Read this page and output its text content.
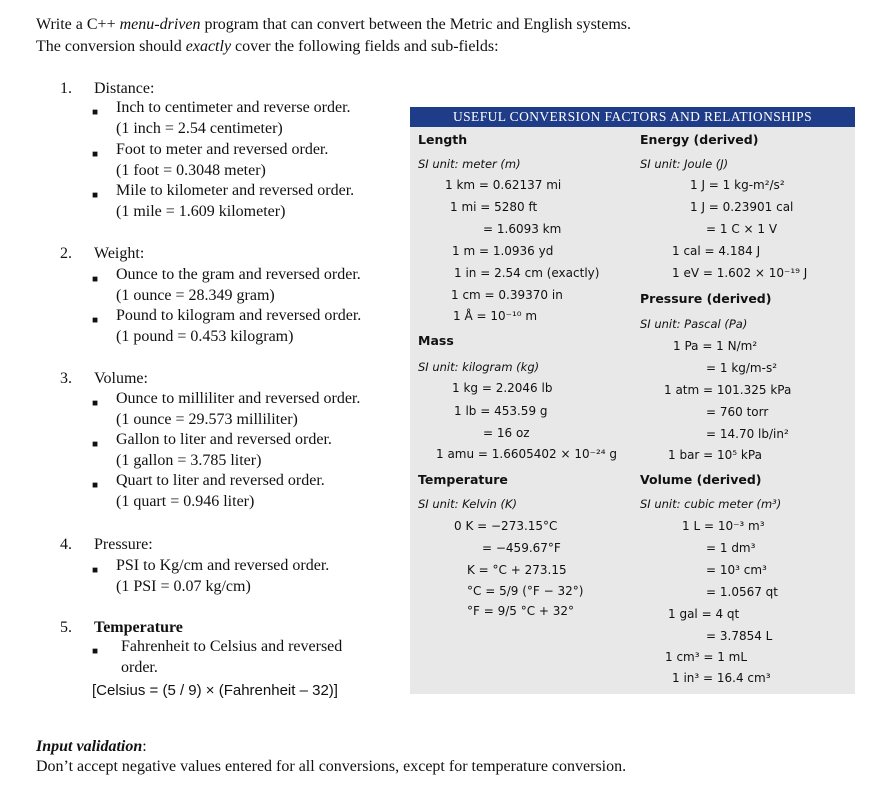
Write a C++ menu-driven program that can convert between the Metric and English systems.
The conversion should exactly cover the following fields and sub-fields:
1. Distance:
■ Inch to centimeter and reverse order.
(1 inch = 2.54 centimeter)
■ Foot to meter and reversed order.
(1 foot = 0.3048 meter)
■ Mile to kilometer and reversed order.
(1 mile = 1.609 kilometer)
2. Weight:
■ Ounce to the gram and reversed order.
(1 ounce = 28.349 gram)
■ Pound to kilogram and reversed order.
(1 pound = 0.453 kilogram)
3. Volume:
■ Ounce to milliliter and reversed order.
(1 ounce = 29.573 milliliter)
■ Gallon to liter and reversed order.
(1 gallon = 3.785 liter)
■ Quart to liter and reversed order.
(1 quart = 0.946 liter)
4. Pressure:
■ PSI to Kg/cm and reversed order.
(1 PSI = 0.07 kg/cm)
5. Temperature
■ Fahrenheit to Celsius and reversed
order.
[Celsius = (5 / 9) × (Fahrenheit – 32)]
USEFUL CONVERSION FACTORS AND RELATIONSHIPS
Length
SI unit: meter (m)
1 km = 0.62137 mi
1 mi = 5280 ft
= 1.6093 km
1 m = 1.0936 yd
1 in = 2.54 cm (exactly)
1 cm = 0.39370 in
1 Å = 10⁻¹⁰ m
Mass
SI unit: kilogram (kg)
1 kg = 2.2046 lb
1 lb = 453.59 g
= 16 oz
1 amu = 1.6605402 × 10⁻²⁴ g
Temperature
SI unit: Kelvin (K)
0 K = −273.15°C
= −459.67°F
K = °C + 273.15
°C = 5/9 (°F − 32°)
°F = 9/5 °C + 32°
Energy (derived)
SI unit: Joule (J)
1 J = 1 kg-m²/s²
1 J = 0.23901 cal
= 1 C × 1 V
1 cal = 4.184 J
1 eV = 1.602 × 10⁻¹⁹ J
Pressure (derived)
SI unit: Pascal (Pa)
1 Pa = 1 N/m²
= 1 kg/m-s²
1 atm = 101.325 kPa
= 760 torr
= 14.70 lb/in²
1 bar = 10⁵ kPa
Volume (derived)
SI unit: cubic meter (m³)
1 L = 10⁻³ m³
= 1 dm³
= 10³ cm³
= 1.0567 qt
1 gal = 4 qt
= 3.7854 L
1 cm³ = 1 mL
1 in³ = 16.4 cm³
Input validation:
Don’t accept negative values entered for all conversions, except for temperature conversion.
